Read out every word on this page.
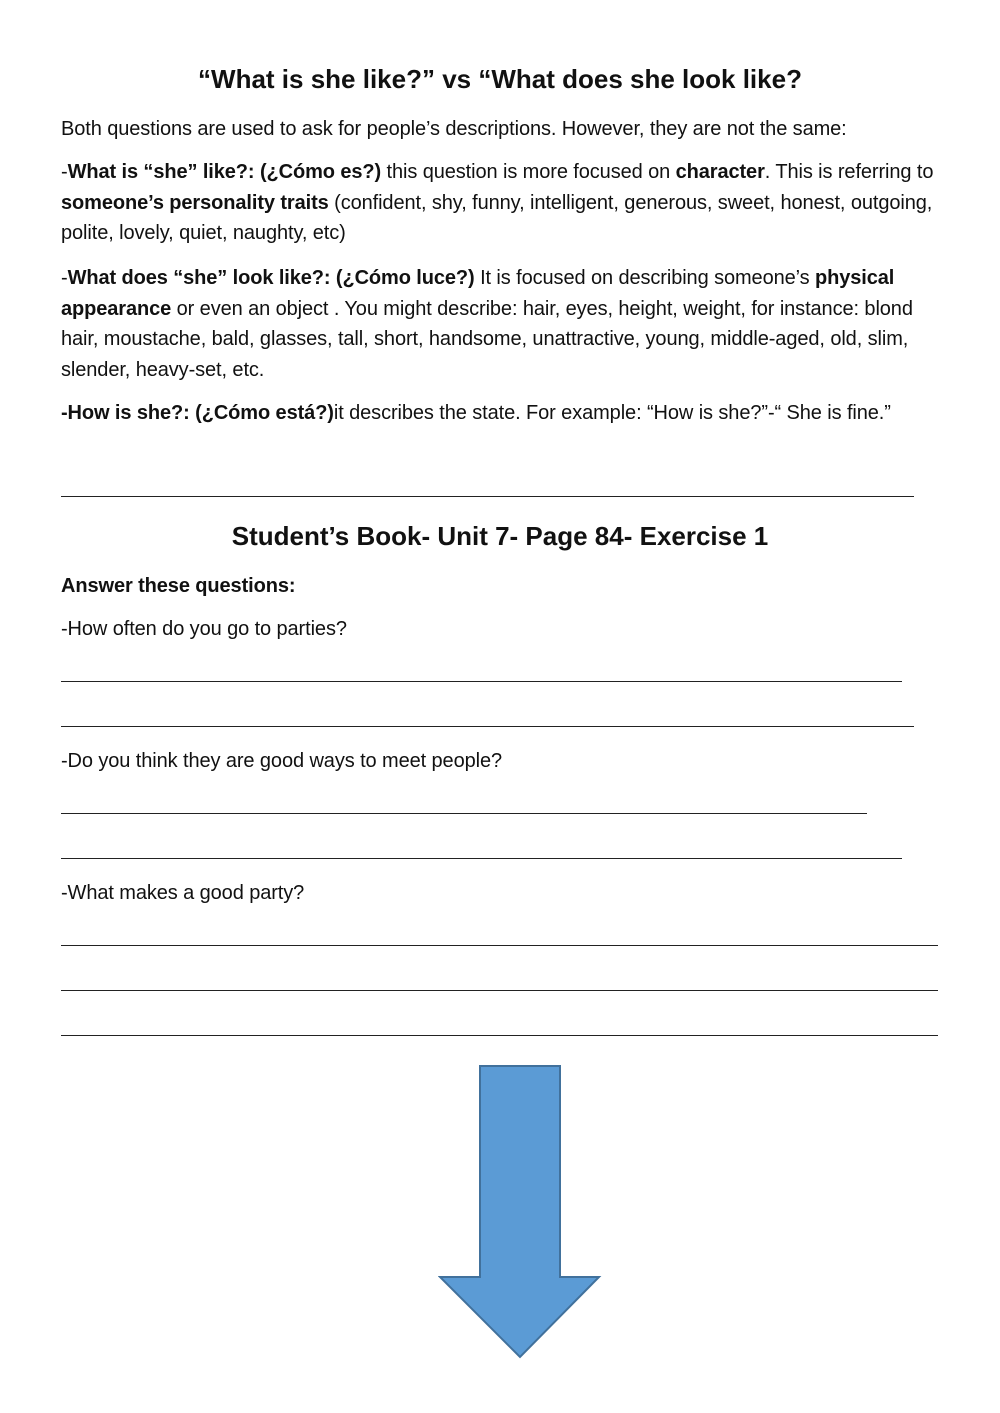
“What is she like?” vs “What does she look like?

Both questions are used to ask for people’s descriptions. However, they are not the same:

-What is “she” like?: (¿Cómo es?) this question is more focused on character. This is referring to someone’s personality traits (confident, shy, funny, intelligent, generous, sweet, honest, outgoing, polite, lovely, quiet, naughty, etc)

-What does “she” look like?: (¿Cómo luce?) It is focused on describing someone’s physical appearance or even an object . You might describe: hair, eyes, height, weight, for instance: blond hair, moustache, bald, glasses, tall, short, handsome, unattractive, young, middle-aged, old, slim, slender, heavy-set, etc.

-How is she?: (¿Cómo está?)it describes the state. For example: “How is she?”-“ She is fine.”

Student’s Book- Unit 7- Page 84- Exercise 1

Answer these questions:

-How often do you go to parties?

-Do you think they are good ways to meet people?

-What makes a good party?
